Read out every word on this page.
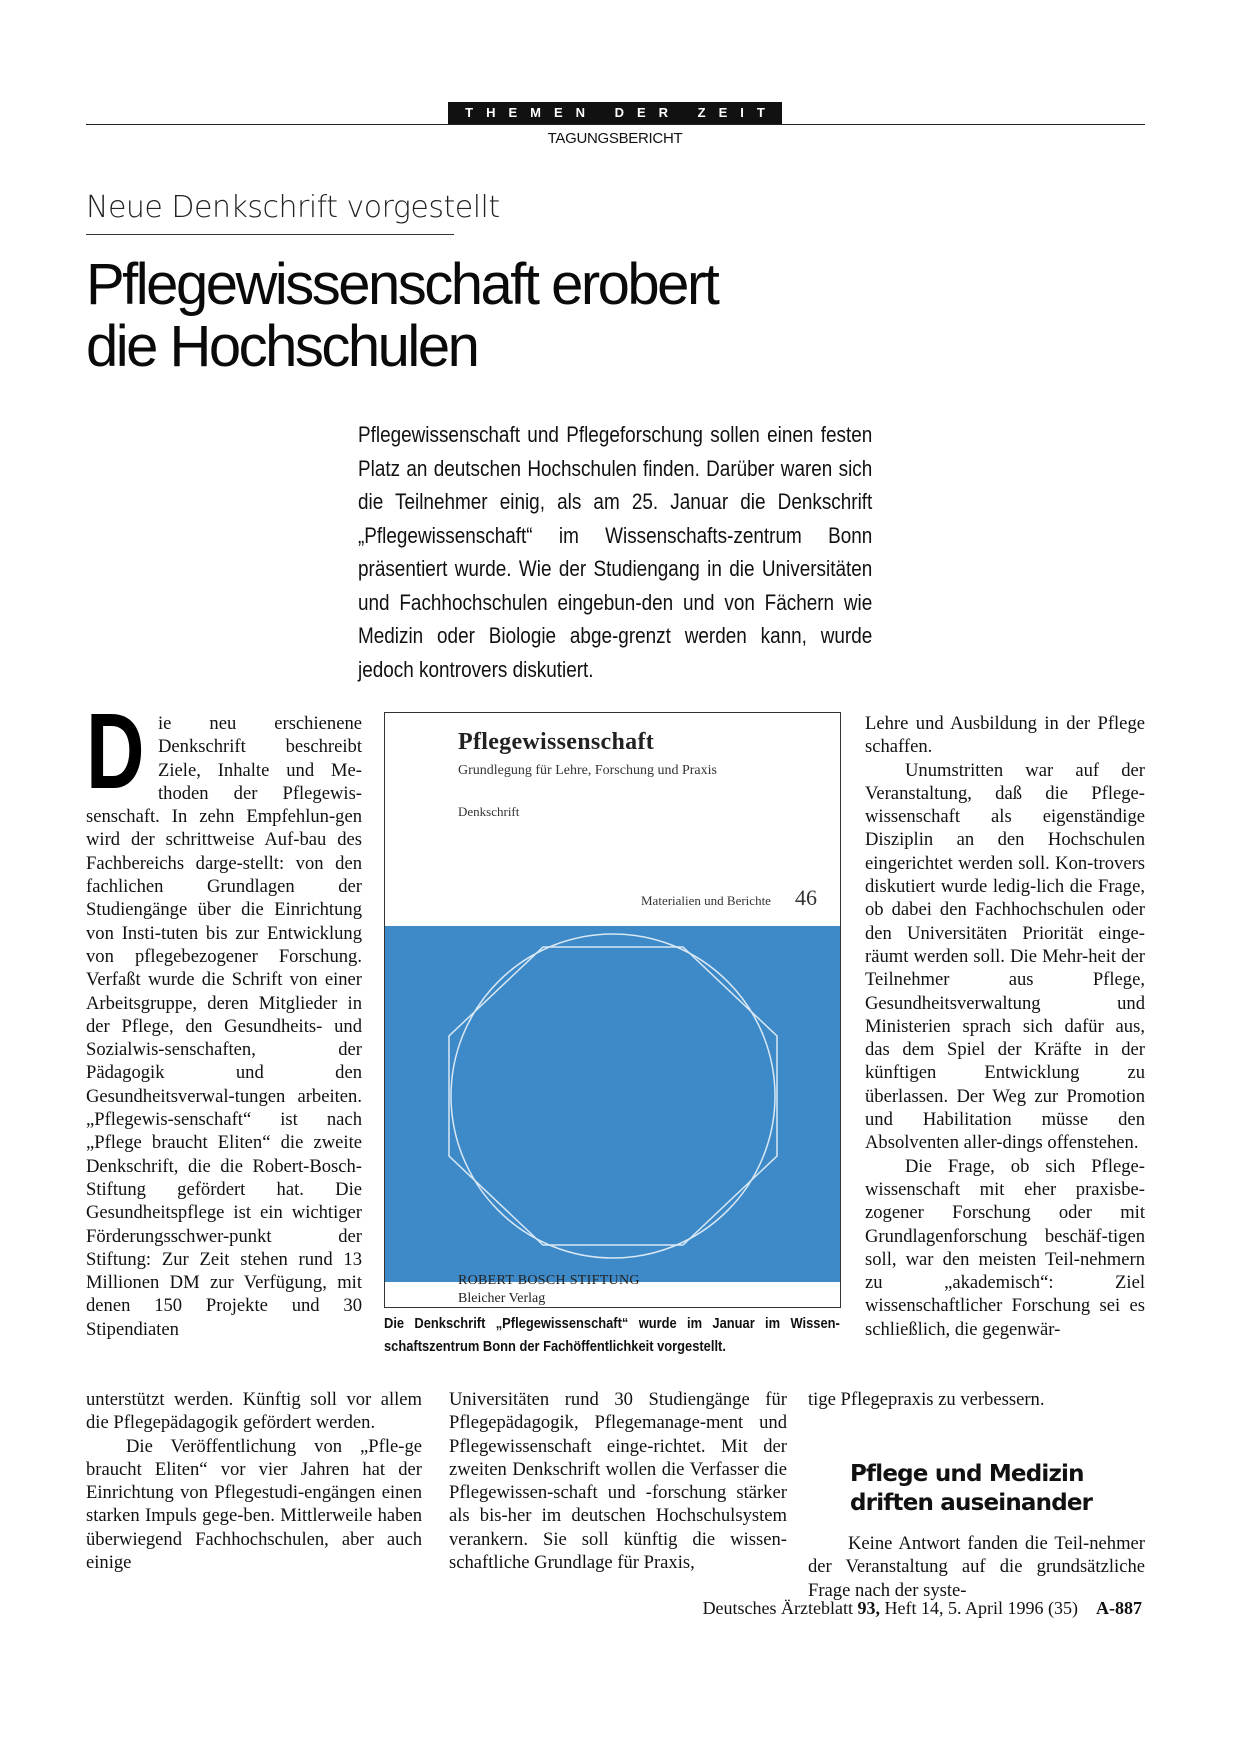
THEMEN DER ZEIT
TAGUNGSBERICHT
Neue Denkschrift vorgestellt
Pflegewissenschaft erobert
die Hochschulen

Pflegewissenschaft und Pflegeforschung sollen einen festen Platz an deutschen Hochschulen finden. Darüber waren sich die Teilnehmer einig, als am 25. Januar die Denkschrift „Pflegewissenschaft“ im Wissenschafts-zentrum Bonn präsentiert wurde. Wie der Studiengang in die Universitäten und Fachhochschulen eingebun-den und von Fächern wie Medizin oder Biologie abge-grenzt werden kann, wurde jedoch kontrovers diskutiert.

D ie neu erschienene

Denkschrift beschreibt

Ziele, Inhalte und Me-

thoden der Pflegewis-

senschaft. In zehn Empfehlun-gen wird der schrittweise Auf-bau des Fachbereichs darge-stellt: von den fachlichen Grundlagen der Studiengänge über die Einrichtung von Insti-tuten bis zur Entwicklung von pflegebezogener Forschung. Verfaßt wurde die Schrift von einer Arbeitsgruppe, deren Mitglieder in der Pflege, den Gesundheits- und Sozialwis-senschaften, der Pädagogik und den Gesundheitsverwal-tungen arbeiten. „Pflegewis-senschaft“ ist nach „Pflege braucht Eliten“ die zweite Denkschrift, die die Robert-Bosch-Stiftung gefördert hat. Die Gesundheitspflege ist ein wichtiger Förderungsschwer-punkt der Stiftung: Zur Zeit stehen rund 13 Millionen DM zur Verfügung, mit denen 150 Projekte und 30 Stipendiaten

unterstützt werden. Künftig soll vor allem die Pflegepädagogik gefördert werden.

Die Veröffentlichung von „Pfle-ge braucht Eliten“ vor vier Jahren hat der Einrichtung von Pflegestudi-engängen einen starken Impuls gege-ben. Mittlerweile haben überwiegend Fachhochschulen, aber auch einige

Pflegewissenschaft
Grundlegung für Lehre, Forschung und Praxis
Denkschrift
Materialien und Berichte 46
ROBERT BOSCH STIFTUNG
Bleicher Verlag

Die Denkschrift „Pflegewissenschaft“ wurde im Januar im Wissen-schaftszentrum Bonn der Fachöffentlichkeit vorgestellt.

Universitäten rund 30 Studiengänge für Pflegepädagogik, Pflegemanage-ment und Pflegewissenschaft einge-richtet. Mit der zweiten Denkschrift wollen die Verfasser die Pflegewissen-schaft und -forschung stärker als bis-her im deutschen Hochschulsystem verankern. Sie soll künftig die wissen-schaftliche Grundlage für Praxis,

Lehre und Ausbildung in der Pflege schaffen.

Unumstritten war auf der Veranstaltung, daß die Pflege-wissenschaft als eigenständige Disziplin an den Hochschulen eingerichtet werden soll. Kon-trovers diskutiert wurde ledig-lich die Frage, ob dabei den Fachhochschulen oder den Universitäten Priorität einge-räumt werden soll. Die Mehr-heit der Teilnehmer aus Pflege, Gesundheitsverwaltung und Ministerien sprach sich dafür aus, das dem Spiel der Kräfte in der künftigen Entwicklung zu überlassen. Der Weg zur Promotion und Habilitation müsse den Absolventen aller-dings offenstehen.

Die Frage, ob sich Pflege-wissenschaft mit eher praxisbe-zogener Forschung oder mit Grundlagenforschung beschäf-tigen soll, war den meisten Teil-nehmern zu „akademisch“: Ziel wissenschaftlicher Forschung sei es schließlich, die gegenwär-

tige Pflegepraxis zu verbessern.

Pflege und Medizin
driften auseinander

Keine Antwort fanden die Teil-nehmer der Veranstaltung auf die grundsätzliche Frage nach der syste-

Deutsches Ärzteblatt 93, Heft 14, 5. April 1996 (35) A-887
